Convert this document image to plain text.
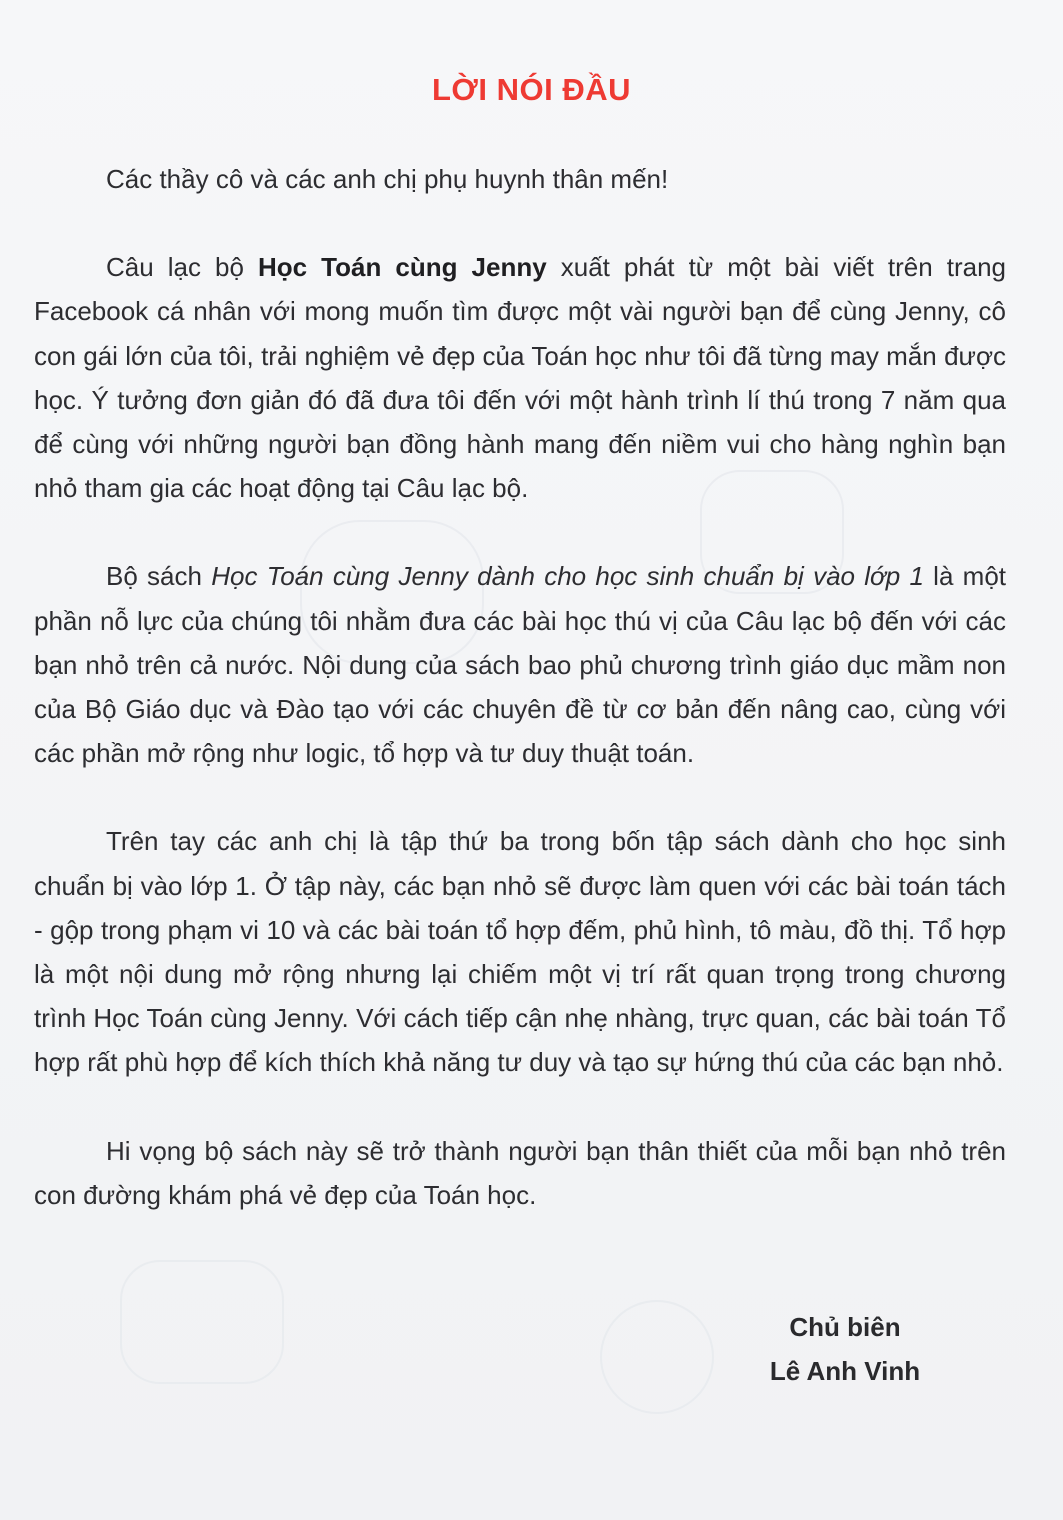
LỜI NÓI ĐẦU

Các thầy cô và các anh chị phụ huynh thân mến!

Câu lạc bộ Học Toán cùng Jenny xuất phát từ một bài viết trên trang Facebook cá nhân với mong muốn tìm được một vài người bạn để cùng Jenny, cô con gái lớn của tôi, trải nghiệm vẻ đẹp của Toán học như tôi đã từng may mắn được học. Ý tưởng đơn giản đó đã đưa tôi đến với một hành trình lí thú trong 7 năm qua để cùng với những người bạn đồng hành mang đến niềm vui cho hàng nghìn bạn nhỏ tham gia các hoạt động tại Câu lạc bộ.

Bộ sách Học Toán cùng Jenny dành cho học sinh chuẩn bị vào lớp 1 là một phần nỗ lực của chúng tôi nhằm đưa các bài học thú vị của Câu lạc bộ đến với các bạn nhỏ trên cả nước. Nội dung của sách bao phủ chương trình giáo dục mầm non của Bộ Giáo dục và Đào tạo với các chuyên đề từ cơ bản đến nâng cao, cùng với các phần mở rộng như logic, tổ hợp và tư duy thuật toán.

Trên tay các anh chị là tập thứ ba trong bốn tập sách dành cho học sinh chuẩn bị vào lớp 1. Ở tập này, các bạn nhỏ sẽ được làm quen với các bài toán tách - gộp trong phạm vi 10 và các bài toán tổ hợp đếm, phủ hình, tô màu, đồ thị. Tổ hợp là một nội dung mở rộng nhưng lại chiếm một vị trí rất quan trọng trong chương trình Học Toán cùng Jenny. Với cách tiếp cận nhẹ nhàng, trực quan, các bài toán Tổ hợp rất phù hợp để kích thích khả năng tư duy và tạo sự hứng thú của các bạn nhỏ.

Hi vọng bộ sách này sẽ trở thành người bạn thân thiết của mỗi bạn nhỏ trên con đường khám phá vẻ đẹp của Toán học.

Chủ biên
Lê Anh Vinh
